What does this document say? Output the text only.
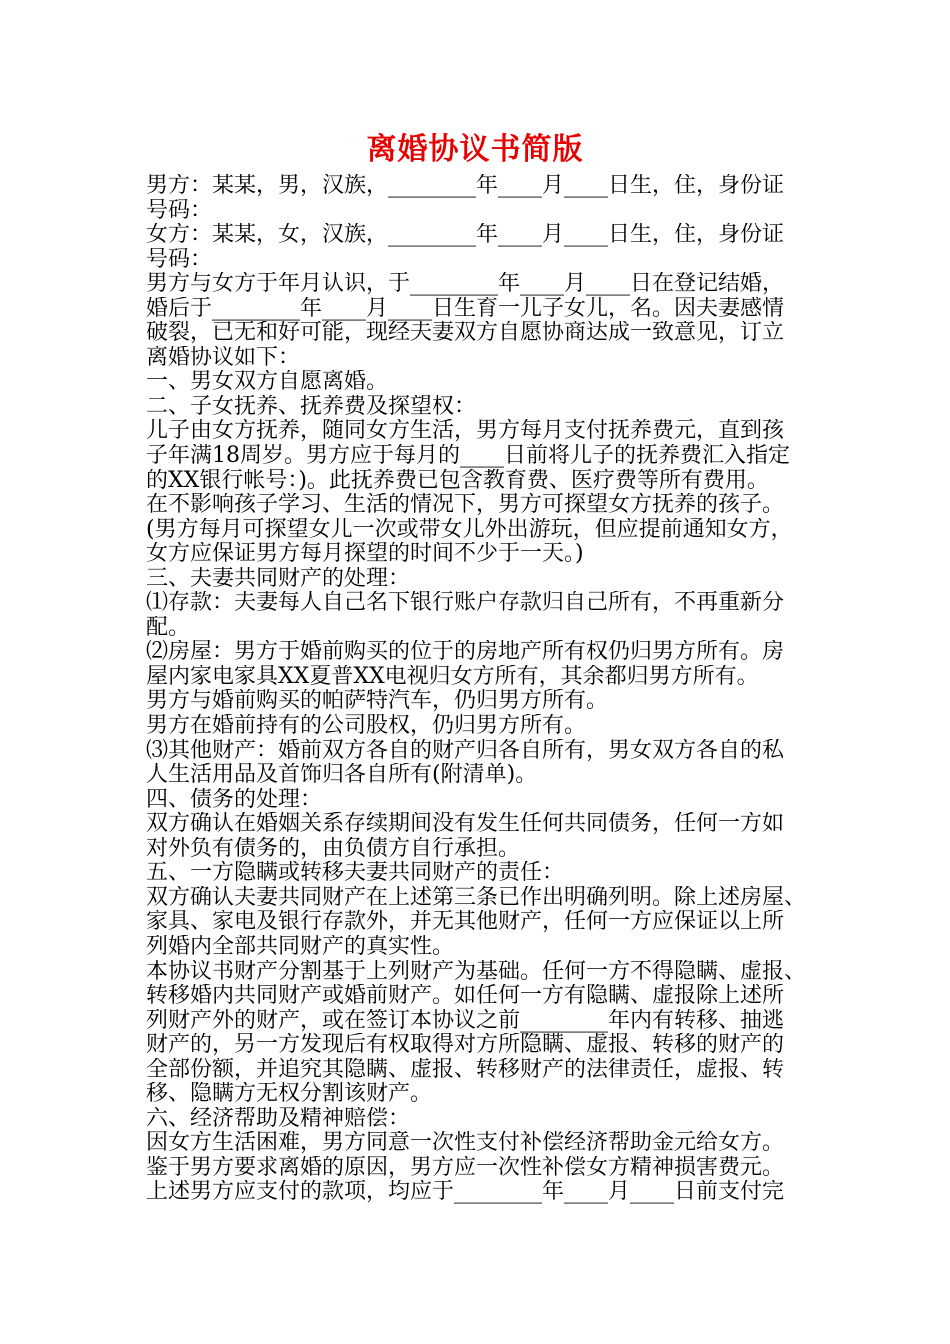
离婚协议书简版
男方：某某，男，汉族，________年____月____日生，住，身份证
号码：
女方：某某，女，汉族，________年____月____日生，住，身份证
号码：
男方与女方于年月认识，于________年____月____日在登记结婚，
婚后于________年____月____日生育一儿子女儿，名。因夫妻感情
破裂，已无和好可能，现经夫妻双方自愿协商达成一致意见，订立
离婚协议如下：
一、男女双方自愿离婚。
二、子女抚养、抚养费及探望权：
儿子由女方抚养，随同女方生活，男方每月支付抚养费元，直到孩
子年满18周岁。男方应于每月的____日前将儿子的抚养费汇入指定
的XX银行帐号：)。此抚养费已包含教育费、医疗费等所有费用。
在不影响孩子学习、生活的情况下，男方可探望女方抚养的孩子。
(男方每月可探望女儿一次或带女儿外出游玩，但应提前通知女方，
女方应保证男方每月探望的时间不少于一天。)
三、夫妻共同财产的处理：
⑴存款：夫妻每人自己名下银行账户存款归自己所有，不再重新分
配。
⑵房屋：男方于婚前购买的位于的房地产所有权仍归男方所有。房
屋内家电家具XX夏普XX电视归女方所有，其余都归男方所有。
男方与婚前购买的帕萨特汽车，仍归男方所有。
男方在婚前持有的公司股权，仍归男方所有。
⑶其他财产：婚前双方各自的财产归各自所有，男女双方各自的私
人生活用品及首饰归各自所有(附清单)。
四、债务的处理：
双方确认在婚姻关系存续期间没有发生任何共同债务，任何一方如
对外负有债务的，由负债方自行承担。
五、一方隐瞒或转移夫妻共同财产的责任：
双方确认夫妻共同财产在上述第三条已作出明确列明。除上述房屋、
家具、家电及银行存款外，并无其他财产，任何一方应保证以上所
列婚内全部共同财产的真实性。
本协议书财产分割基于上列财产为基础。任何一方不得隐瞒、虚报、
转移婚内共同财产或婚前财产。如任何一方有隐瞒、虚报除上述所
列财产外的财产，或在签订本协议之前________年内有转移、抽逃
财产的，另一方发现后有权取得对方所隐瞒、虚报、转移的财产的
全部份额，并追究其隐瞒、虚报、转移财产的法律责任，虚报、转
移、隐瞒方无权分割该财产。
六、经济帮助及精神赔偿：
因女方生活困难，男方同意一次性支付补偿经济帮助金元给女方。
鉴于男方要求离婚的原因，男方应一次性补偿女方精神损害费元。
上述男方应支付的款项，均应于________年____月____日前支付完
